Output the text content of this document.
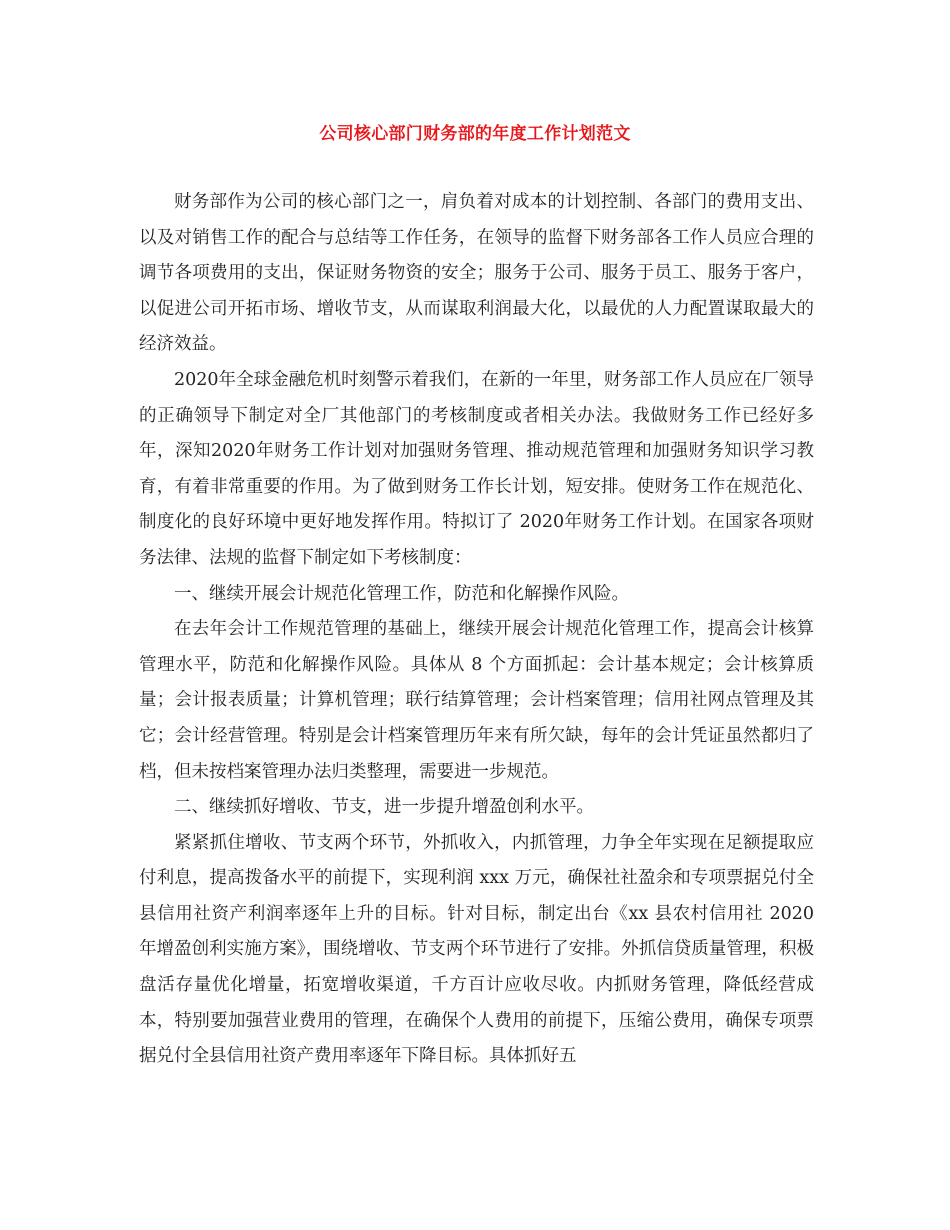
公司核心部门财务部的年度工作计划范文

财务部作为公司的核心部门之一，肩负着对成本的计划控制、各部门的费用支出、以及对销售工作的配合与总结等工作任务，在领导的监督下财务部各工作人员应合理的调节各项费用的支出，保证财务物资的安全；服务于公司、服务于员工、服务于客户，以促进公司开拓市场、增收节支，从而谋取利润最大化，以最优的人力配置谋取最大的经济效益。

2020年全球金融危机时刻警示着我们，在新的一年里，财务部工作人员应在厂领导的正确领导下制定对全厂其他部门的考核制度或者相关办法。我做财务工作已经好多年，深知2020年财务工作计划对加强财务管理、推动规范管理和加强财务知识学习教育，有着非常重要的作用。为了做到财务工作长计划，短安排。使财务工作在规范化、制度化的良好环境中更好地发挥作用。特拟订了 2020年财务工作计划。在国家各项财务法律、法规的监督下制定如下考核制度：

一、继续开展会计规范化管理工作，防范和化解操作风险。

在去年会计工作规范管理的基础上，继续开展会计规范化管理工作，提高会计核算管理水平，防范和化解操作风险。具体从 8 个方面抓起：会计基本规定；会计核算质量；会计报表质量；计算机管理；联行结算管理；会计档案管理；信用社网点管理及其它；会计经营管理。特别是会计档案管理历年来有所欠缺，每年的会计凭证虽然都归了档，但未按档案管理办法归类整理，需要进一步规范。

二、继续抓好增收、节支，进一步提升增盈创利水平。

紧紧抓住增收、节支两个环节，外抓收入，内抓管理，力争全年实现在足额提取应付利息，提高拨备水平的前提下，实现利润 xxx 万元，确保社社盈余和专项票据兑付全县信用社资产利润率逐年上升的目标。针对目标，制定出台《xx 县农村信用社 2020 年增盈创利实施方案》，围绕增收、节支两个环节进行了安排。外抓信贷质量管理，积极盘活存量优化增量，拓宽增收渠道，千方百计应收尽收。内抓财务管理，降低经营成本，特别要加强营业费用的管理，在确保个人费用的前提下，压缩公费用，确保专项票据兑付全县信用社资产费用率逐年下降目标。具体抓好五
